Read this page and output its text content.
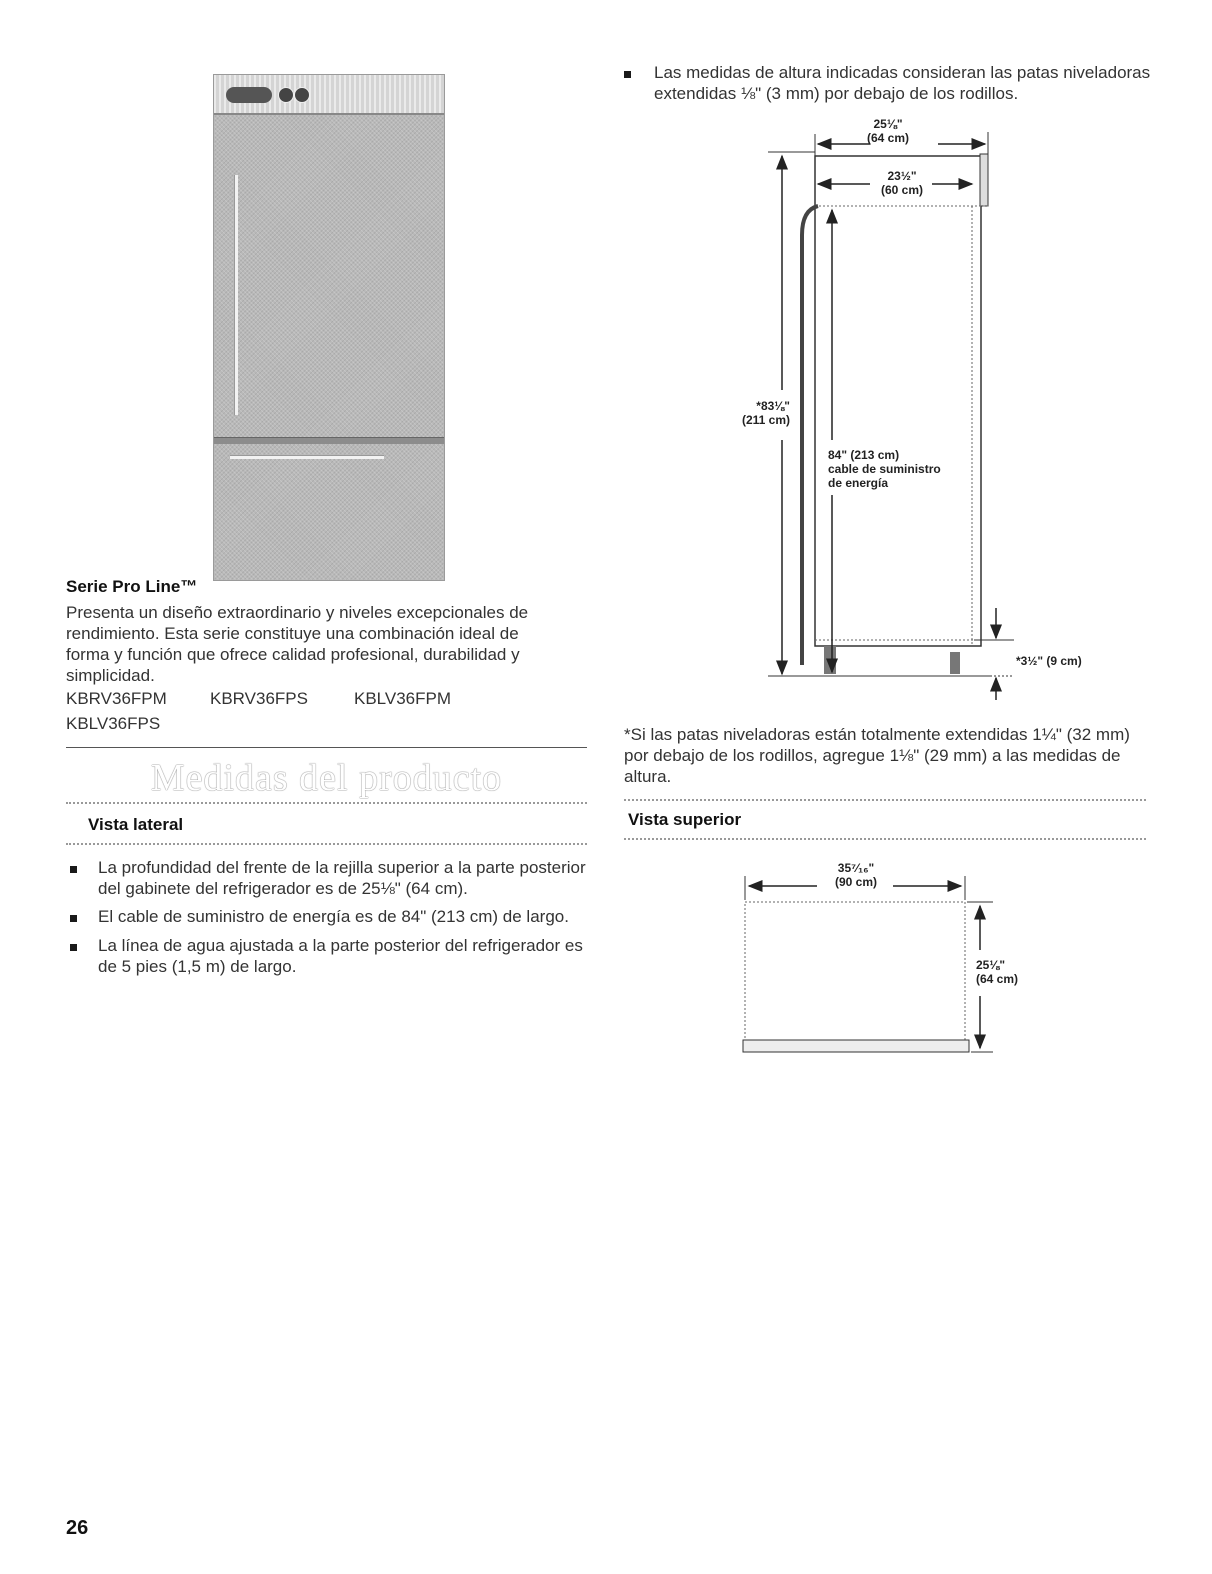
Serie Pro Line™
Presenta un diseño extraordinario y niveles excepcionales de rendimiento. Esta serie constituye una combinación ideal de forma y función que ofrece calidad profesional, durabilidad y simplicidad.
KBRV36FPM	KBRV36FPS	KBLV36FPM
KBLV36FPS
Medidas del producto
Vista lateral
La profundidad del frente de la rejilla superior a la parte posterior del gabinete del refrigerador es de 25⅛" (64 cm).
El cable de suministro de energía es de 84" (213 cm) de largo.
La línea de agua ajustada a la parte posterior del refrigerador es de 5 pies (1,5 m) de largo.
Las medidas de altura indicadas consideran las patas niveladoras extendidas ⅛" (3 mm) por debajo de los rodillos.
25⅛"
(64 cm)
23½"
(60 cm)
*83⅛"
(211 cm)
84" (213 cm)
cable de suministro
de energía
*3½" (9 cm)
*Si las patas niveladoras están totalmente extendidas 1¼" (32 mm) por debajo de los rodillos, agregue 1⅛" (29 mm) a las medidas de altura.
Vista superior
35⁷⁄₁₆"
(90 cm)
25⅛"
(64 cm)
26
